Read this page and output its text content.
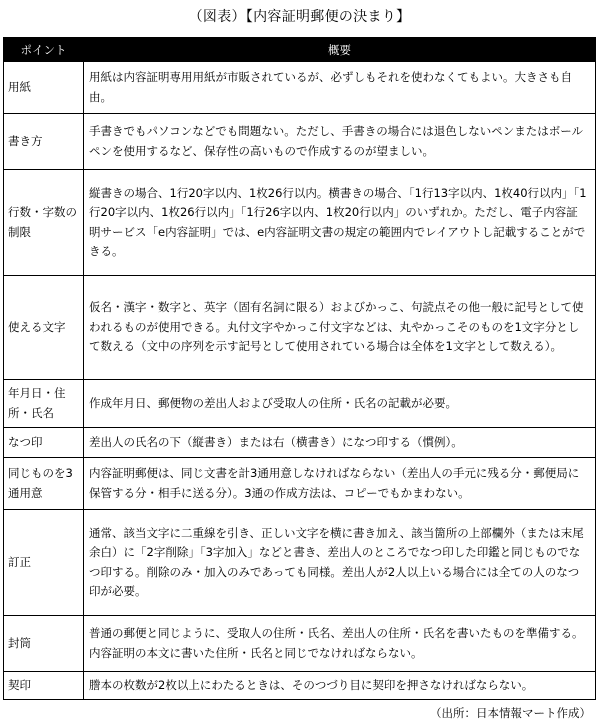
（図表）【内容証明郵便の決まり】
ポイント	概要
用紙	用紙は内容証明専用用紙が市販されているが、必ずしもそれを使わなくてもよい。大きさも自由。
書き方	手書きでもパソコンなどでも問題ない。ただし、手書きの場合には退色しないペンまたはボールペンを使用するなど、保存性の高いもので作成するのが望ましい。
行数・字数の制限	縦書きの場合、1行20字以内、1枚26行以内。横書きの場合、「1行13字以内、1枚40行以内」「1行20字以内、1枚26行以内」「1行26字以内、1枚20行以内」のいずれか。ただし、電子内容証明サービス「e内容証明」では、e内容証明文書の規定の範囲内でレイアウトし記載することができる。
使える文字	仮名・漢字・数字と、英字（固有名詞に限る）およびかっこ、句読点その他一般に記号として使われるものが使用できる。丸付文字やかっこ付文字などは、丸やかっこそのものを1文字分として数える（文中の序列を示す記号として使用されている場合は全体を1文字として数える）。
年月日・住所・氏名	作成年月日、郵便物の差出人および受取人の住所・氏名の記載が必要。
なつ印	差出人の氏名の下（縦書き）または右（横書き）になつ印する（慣例）。
同じものを3通用意	内容証明郵便は、同じ文書を計3通用意しなければならない（差出人の手元に残る分・郵便局に保管する分・相手に送る分）。3通の作成方法は、コピーでもかまわない。
訂正	通常、該当文字に二重線を引き、正しい文字を横に書き加え、該当箇所の上部欄外（または末尾余白）に「2字削除」「3字加入」などと書き、差出人のところでなつ印した印鑑と同じものでなつ印する。削除のみ・加入のみであっても同様。差出人が2人以上いる場合には全ての人のなつ印が必要。
封筒	普通の郵便と同じように、受取人の住所・氏名、差出人の住所・氏名を書いたものを準備する。内容証明の本文に書いた住所・氏名と同じでなければならない。
契印	謄本の枚数が2枚以上にわたるときは、そのつづり目に契印を押さなければならない。
（出所：日本情報マート作成）
